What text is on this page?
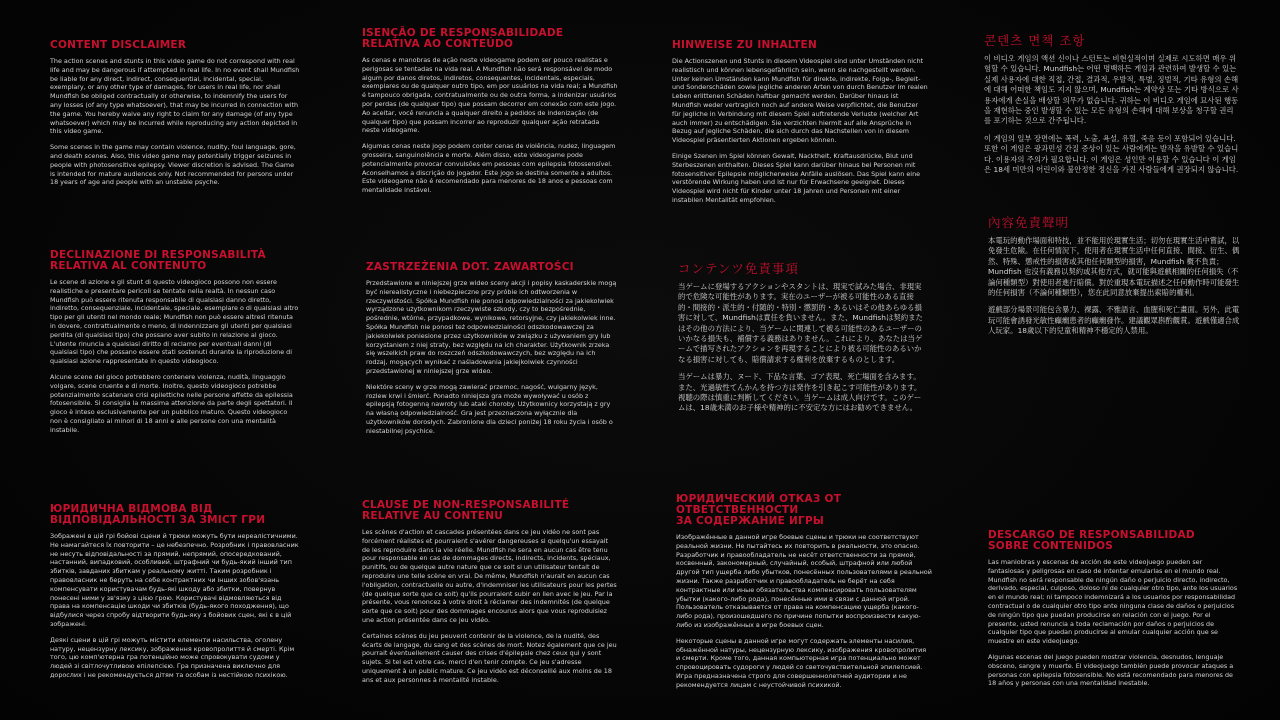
CONTENT DISCLAIMER

The action scenes and stunts in this video game do not correspond with real life and may be dangerous if attempted in real life. In no event shall Mundfish be liable for any direct, indirect, consequential, incidental, special, exemplary, or any other type of damages, for users in real life, nor shall Mundfish be obliged contractually or otherwise, to indemnify the users for any losses (of any type whatsoever), that may be incurred in connection with the game. You hereby waive any right to claim for any damage (of any type whatsoever) which may be incurred while reproducing any action depicted in this video game.

Some scenes in the game may contain violence, nudity, foul language, gore, and death scenes. Also, this video game may potentially trigger seizures in people with photosensitive epilepsy. Viewer discretion is advised. The Game is intended for mature audiences only. Not recommended for persons under 18 years of age and people with an unstable psyche.

ISENÇÃO DE RESPONSABILIDADE
RELATIVA AO CONTEÚDO

As cenas e manobras de ação neste videogame podem ser pouco realistas e perigosas se tentadas na vida real. A Mundfish não será responsável de modo algum por danos diretos, indiretos, consequentes, incidentais, especiais, exemplares ou de qualquer outro tipo, em por usuários na vida real; a Mundfish é tampouco obrigada, contratualmente ou de outra forma, a indenizar usuários por perdas (de qualquer tipo) que possam decorrer em conexão com este jogo. Ao aceitar, você renuncia a qualquer direito a pedidos de indenização (de qualquer tipo) que possam incorrer ao reproduzir qualquer ação retratada neste videogame.

Algumas cenas neste jogo podem conter cenas de violência, nudez, linguagem grosseira, sanguinolência e morte. Além disso, este videogame pode potencialmente provocar convulsões em pessoas com epilepsia fotossensível. Aconselhamos a discrição do jogador. Este jogo se destina somente a adultos. Este videogame não é recomendado para menores de 18 anos e pessoas com mentalidade instável.

HINWEISE ZU INHALTEN

Die Actionszenen und Stunts in diesem Videospiel sind unter Umständen nicht realistisch und können lebensgefährlich sein, wenn sie nachgestellt werden. Unter keinen Umständen kann Mundfish für direkte, indirekte, Folge-, Begleit- und Sonderschäden sowie jegliche anderen Arten von durch Benutzer im realen Leben erlittenen Schäden haftbar gemacht werden. Darüber hinaus ist Mundfish weder vertraglich noch auf andere Weise verpflichtet, die Benutzer für jegliche in Verbindung mit diesem Spiel auftretende Verluste (welcher Art auch immer) zu entschädigen. Sie verzichten hiermit auf alle Ansprüche in Bezug auf jegliche Schäden, die sich durch das Nachstellen von in diesem Videospiel präsentierten Aktionen ergeben können.

Einige Szenen im Spiel können Gewalt, Nacktheit, Kraftausdrücke, Blut und Sterbeszenen enthalten. Dieses Spiel kann darüber hinaus bei Personen mit fotosensitiver Epilepsie möglicherweise Anfälle auslösen. Das Spiel kann eine verstörende Wirkung haben und ist nur für Erwachsene geeignet. Dieses Videospiel wird nicht für Kinder unter 18 Jahren und Personen mit einer instabilen Mentalität empfohlen.

콘텐츠 면책 조항

이 비디오 게임의 액션 신이나 스턴트는 비현실적이며 실제로 시도하면 매우 위험할 수 있습니다. Mundfish는 어떤 명백하든 게임과 관련하여 발생할 수 있는 실제 사용자에 대한 직접, 간접, 결과적, 우발적, 특별, 징벌적, 기타 유형의 손해에 대해 어떠한 책임도 지지 않으며, Mundfish는 계약상 또는 기타 방식으로 사용자에게 손실을 배상할 의무가 없습니다. 귀하는 이 비디오 게임에 묘사된 행동을 재현하는 중인 발생할 수 있는 모든 유형의 손해에 대해 보상을 청구할 권리를 포기하는 것으로 간주됩니다.

이 게임의 일부 장면에는 폭력, 노출, 욕설, 유혈, 죽음 등이 포함되어 있습니다. 또한 이 게임은 광과민성 간질 증상이 있는 사람에게는 발작을 유발할 수 있습니다. 이용자의 주의가 필요합니다. 이 게임은 성인만 이용할 수 있습니다 이 게임은 18세 미만의 어린이와 불안정한 정신을 가진 사람들에게 권장되지 않습니다.

DECLINAZIONE DI RESPONSABILITÀ
RELATIVA AL CONTENUTO

Le scene di azione e gli stunt di questo videogioco possono non essere realistiche e presentare pericoli se tentate nella realtà. In nessun caso Mundfish può essere ritenuta responsabile di qualsiasi danno diretto, indiretto, consequenziale, incidentale, speciale, esemplare o di qualsiasi altro tipo per gli utenti nel mondo reale; Mundfish non può essere altresì ritenuta in dovere, contrattualmente o meno, di indennizzare gli utenti per qualsiasi perdita (di qualsiasi tipo) che possano aver subito in relazione al gioco. L'utente rinuncia a qualsiasi diritto di reclamo per eventuali danni (di qualsiasi tipo) che possano essere stati sostenuti durante la riproduzione di qualsiasi azione rappresentate in questo videogioco.

Alcune scene del gioco potrebbero contenere violenza, nudità, linguaggio volgare, scene cruente e di morte. Inoltre, questo videogioco potrebbe potenzialmente scatenare crisi epilettiche nelle persone affette da epilessia fotosensibile. Si consiglia la massima attenzione da parte degli spettatori. Il gioco è inteso esclusivamente per un pubblico maturo. Questo videogioco non è consigliato ai minori di 18 anni e alle persone con una mentalità instabile.

ZASTRZEŻENIA DOT. ZAWARTOŚCI

Przedstawione w niniejszej grze wideo sceny akcji i popisy kaskaderskie mogą być nierealistyczne i niebezpieczne przy próbie ich odtworzenia w rzeczywistości. Spółka Mundfish nie ponosi odpowiedzialności za jakiekolwiek wyrządzone użytkownikom rzeczywiste szkody, czy to bezpośrednie, pośrednie, wtórne, przypadkowe, wynikowe, retorsyjne, czy jakiekolwiek inne. Spółka Mundfish nie ponosi też odpowiedzialności odszkodowawczej za jakiekolwiek poniesione przez użytkowników w związku z używaniem gry lub korzystaniem z niej straty, bez względu na ich charakter. Użytkownik zrzeka się wszelkich praw do roszczeń odszkodowawczych, bez względu na ich rodzaj, mogących wynikać z naśladowania jakiejkolwiek czynności przedstawionej w niniejszej grze wideo.

Niektóre sceny w grze mogą zawierać przemoc, nagość, wulgarny język, rozlew krwi i śmierć. Ponadto niniejsza gra może wywoływać u osób z epilepsją fotogenną nawroty lub ataki choroby. Użytkownicy korzystają z gry na własną odpowiedzialność. Gra jest przeznaczona wyłącznie dla użytkowników dorosłych. Zabronione dla dzieci poniżej 18 roku życia i osób o niestabilnej psychice.

コンテンツ免責事項

当ゲームに登場するアクションやスタントは、現実で試みた場合、非現実的で危険な可能性があります。実在のユーザーが被る可能性のある直接的・間接的・派生的・付随的・特別・懲罰的・あるいはその他あらゆる損害に対して、Mundfishは責任を負いません。また、Mundfishは契約またはその他の方法により、当ゲームに関連して被る可能性のあるユーザーのいかなる損失も、補償する義務はありません。これにより、あなたは当ゲームで描写されたアクションを再現することにより被る可能性のあるいかなる損害に対しても、賠償請求する権利を放棄するものとします。

当ゲームは暴力、ヌード、下品な言葉、ゴア表現、死亡場面を含みます。また、光過敏性てんかんを持つ方は発作を引き起こす可能性があります。視聴の際は慎重に判断してください。当ゲームは成人向けです。このゲームは、18歳未満のお子様や精神的に不安定な方にはお勧めできません。

內容免責聲明

本電玩的動作場面和特技，並不能用於現實生活；切勿在現實生活中嘗試，以免發生危險。在任何情況下，使用者在現實生活中任何直接、間接、衍生、偶然、特殊、懲戒性的損害或其他任何類型的損害，Mundfish 概不負責；Mundfish 也沒有義務以契約或其他方式，就可能與遊戲相關的任何損失（不論何種類型）對使用者進行賠償。對於重現本電玩描述之任何動作時可能發生的任何損害（不論何種類型），您在此同意放棄提出索賠的權利。

遊戲部分場景可能包含暴力、裸露、不雅語言、血腥和死亡畫面。另外，此電玩可能會誘發光敏性癲癇患者的癲癇發作。建議觀眾斟酌觀賞。遊戲僅適合成人玩家。18歲以下的兒童和精神不穩定的人禁用。

ЮРИДИЧНА ВІДМОВА ВІД
ВІДПОВІДАЛЬНОСТІ ЗА ЗМІСТ ГРИ

Зображені в цій грі бойові сцени й трюки можуть бути нереалістичними. Не намагайтеся їх повторити – це небезпечно. Розробник і правовласник не несуть відповідальності за прямий, непрямий, опосередкований, настанний, випадковий, особливий, штрафний чи будь-який інший тип збитків, завданих збиткам у реальному житті. Таким розробник і правовласник не беруть на себе контрактних чи інших зобов'язань компенсувати користувачам будь-які шкоду або збитки, повернув понесені ними у зв'язку з цією грою. Користувачі відмовляються від права на компенсацію шкоди чи збитків (будь-якого походження), що відбулися через спробу відтворити будь-яку з бойових сцен, які є в цій зображені.

Деякі сцени в цій грі можуть містити елементи насильства, оголену натуру, нецензурну лексику, зображення кровопролиття й смерті. Крім того, цю комп'ютерна гра потенційно може спровокувати судоми у людей зі світлочутливою епілепсією. Гра призначена виключно для дорослих і не рекомендується дітям та особам із нестійкою психікою.

CLAUSE DE NON-RESPONSABILITÉ
RELATIVE AU CONTENU

Les scènes d'action et cascades présentées dans ce jeu vidéo ne sont pas forcément réalistes et pourraient s'avérer dangereuses si quelqu'un essayait de les reproduire dans la vie réelle. Mundfish ne sera en aucun cas être tenu pour responsable en cas de dommages directs, indirects, incidents, spéciaux, punitifs, ou de quelque autre nature que ce soit si un utilisateur tentait de reproduire une telle scène en vrai. De même, Mundfish n'aurait en aucun cas l'obligation, contractuelle ou autre, d'indemniser les utilisateurs pour les pertes (de quelque sorte que ce soit) qu'ils pourraient subir en lien avec le jeu. Par la présente, vous renoncez à votre droit à réclamer des indemnités (de quelque sorte que ce soit) pour des dommages encourus alors que vous reproduisiez une action présentée dans ce jeu vidéo.

Certaines scènes du jeu peuvent contenir de la violence, de la nudité, des écarts de langage, du sang et des scènes de mort. Notez également que ce jeu pourrait éventuellement causer des crises d'épilepsie chez ceux qui y sont sujets. Si tel est votre cas, merci d'en tenir compte. Ce jeu s'adresse uniquement à un public mature. Ce jeu vidéo est déconseillé aux moins de 18 ans et aux personnes à mentalité instable.

ЮРИДИЧЕСКИЙ ОТКАЗ ОТ ОТВЕТСТВЕННОСТИ
ЗА СОДЕРЖАНИЕ ИГРЫ

Изображённые в данной игре боевые сцены и трюки не соответствуют реальной жизни. Не пытайтесь их повторить в реальности, это опасно. Разработчик и правообладатель не несёт ответственности за прямой, косвенный, закономерный, случайный, особый, штрафной или любой другой тип ущерба либо убытков, понесённых пользователями в реальной жизни. Также разработчик и правообладатель не берёт на себя контрактные или иные обязательства компенсировать пользователям убытки (какого-либо рода), понесённые ими в связи с данной игрой. Пользователь отказывается от права на компенсацию ущерба (какого-либо рода), произошедшего по причине попытки воспроизвести какую-либо из изображённых в игре боевых сцен.

Некоторые сцены в данной игре могут содержать элементы насилия, обнажённой натуры, нецензурную лексику, изображения кровопролития и смерти. Кроме того, данная компьютерная игра потенциально может спровоцировать судороги у людей со светочувствительной эпилепсией. Игра предназначена строго для совершеннолетней аудитории и не рекомендуется лицам с неустойчивой психикой.

DESCARGO DE RESPONSABILIDAD
SOBRE CONTENIDOS

Las maniobras y escenas de acción de este videojuego pueden ser fantasiosas y peligrosas en caso de intentar emularlas en el mundo real. Mundfish no será responsable de ningún daño o perjuicio directo, indirecto, derivado, especial, culposo, doloso ni de cualquier otro tipo, ante los usuarios en el mundo real; ni tampoco indemnizará a los usuarios por responsabilidad contractual o de cualquier otro tipo ante ninguna clase de daños o perjuicios de ningún tipo que puedan producirse en relación con el juego. Por el presente, usted renuncia a toda reclamación por daños o perjuicios de cualquier tipo que puedan producirse al emular cualquier acción que se muestre en este videojuego.

Algunas escenas del juego pueden mostrar violencia, desnudos, lenguaje obsceno, sangre y muerte. El videojuego también puede provocar ataques a personas con epilepsia fotosensible. No está recomendado para menores de 18 años y personas con una mentalidad inestable.
